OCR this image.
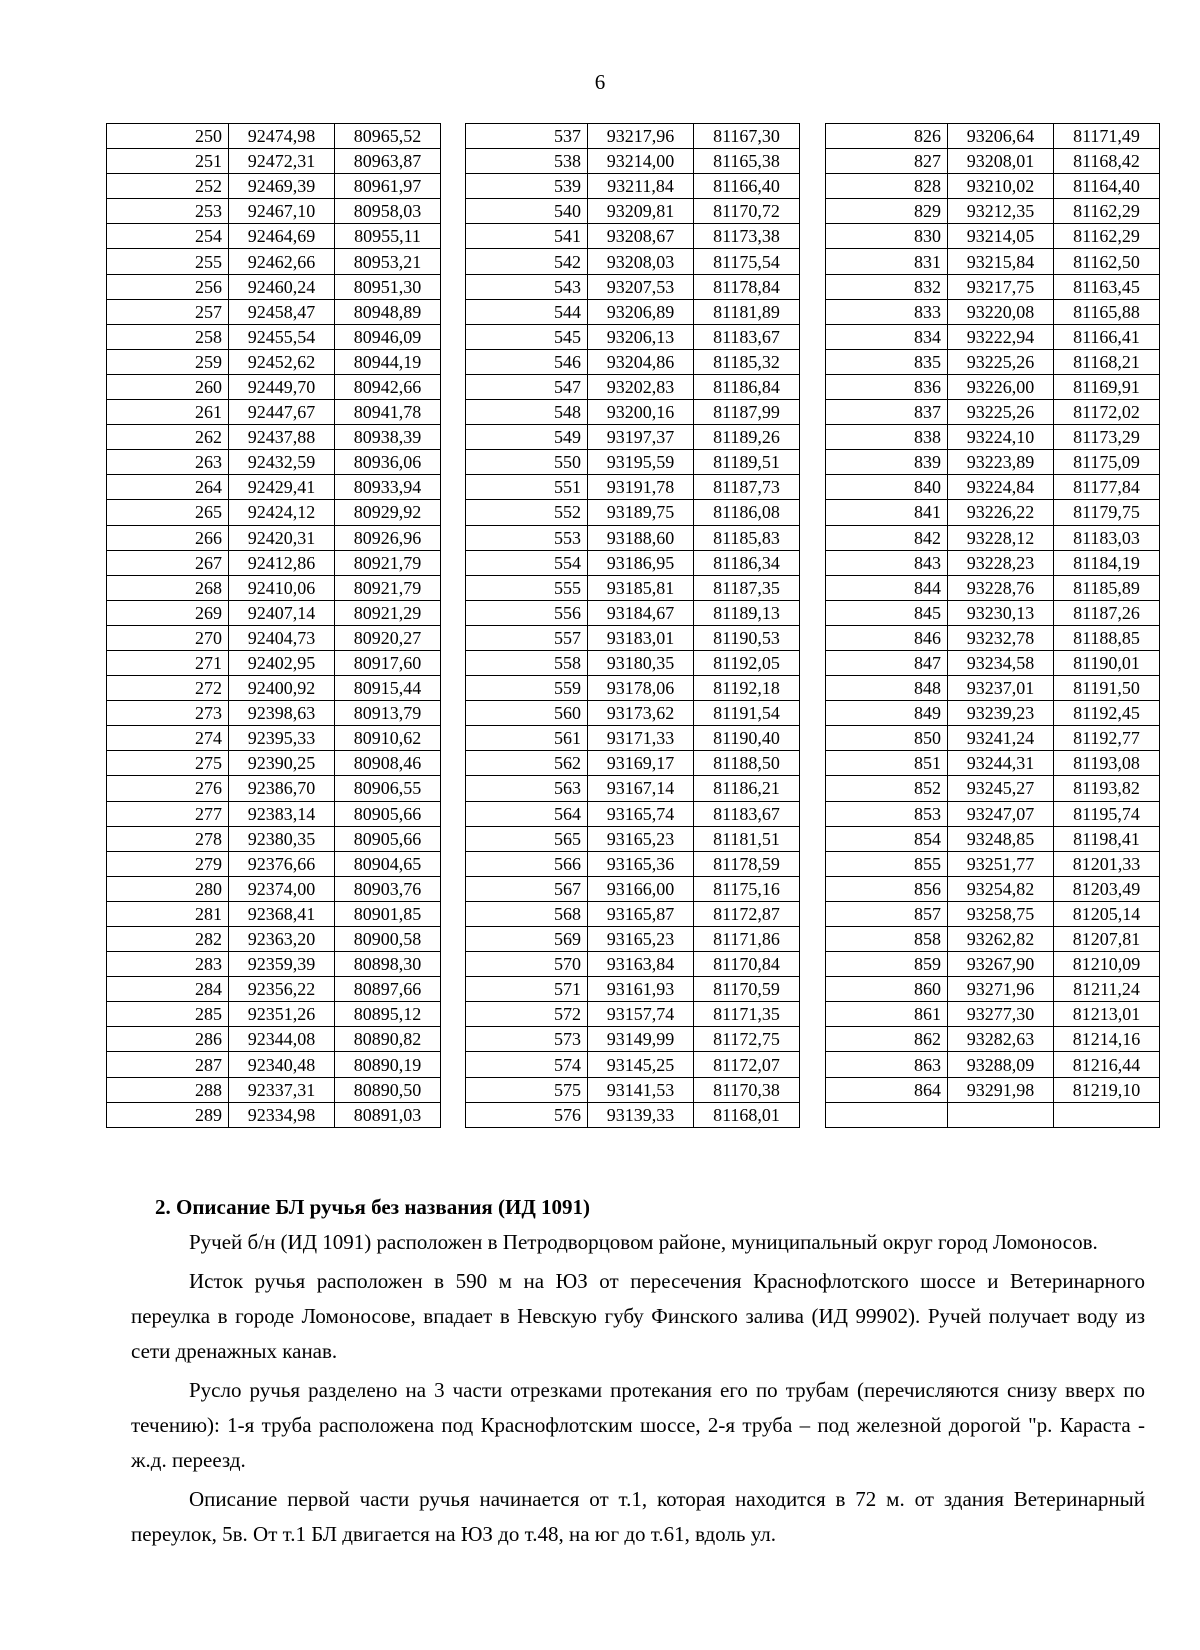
6
250	92474,98	80965,52
251	92472,31	80963,87
252	92469,39	80961,97
253	92467,10	80958,03
254	92464,69	80955,11
255	92462,66	80953,21
256	92460,24	80951,30
257	92458,47	80948,89
258	92455,54	80946,09
259	92452,62	80944,19
260	92449,70	80942,66
261	92447,67	80941,78
262	92437,88	80938,39
263	92432,59	80936,06
264	92429,41	80933,94
265	92424,12	80929,92
266	92420,31	80926,96
267	92412,86	80921,79
268	92410,06	80921,79
269	92407,14	80921,29
270	92404,73	80920,27
271	92402,95	80917,60
272	92400,92	80915,44
273	92398,63	80913,79
274	92395,33	80910,62
275	92390,25	80908,46
276	92386,70	80906,55
277	92383,14	80905,66
278	92380,35	80905,66
279	92376,66	80904,65
280	92374,00	80903,76
281	92368,41	80901,85
282	92363,20	80900,58
283	92359,39	80898,30
284	92356,22	80897,66
285	92351,26	80895,12
286	92344,08	80890,82
287	92340,48	80890,19
288	92337,31	80890,50
289	92334,98	80891,03
537	93217,96	81167,30
538	93214,00	81165,38
539	93211,84	81166,40
540	93209,81	81170,72
541	93208,67	81173,38
542	93208,03	81175,54
543	93207,53	81178,84
544	93206,89	81181,89
545	93206,13	81183,67
546	93204,86	81185,32
547	93202,83	81186,84
548	93200,16	81187,99
549	93197,37	81189,26
550	93195,59	81189,51
551	93191,78	81187,73
552	93189,75	81186,08
553	93188,60	81185,83
554	93186,95	81186,34
555	93185,81	81187,35
556	93184,67	81189,13
557	93183,01	81190,53
558	93180,35	81192,05
559	93178,06	81192,18
560	93173,62	81191,54
561	93171,33	81190,40
562	93169,17	81188,50
563	93167,14	81186,21
564	93165,74	81183,67
565	93165,23	81181,51
566	93165,36	81178,59
567	93166,00	81175,16
568	93165,87	81172,87
569	93165,23	81171,86
570	93163,84	81170,84
571	93161,93	81170,59
572	93157,74	81171,35
573	93149,99	81172,75
574	93145,25	81172,07
575	93141,53	81170,38
576	93139,33	81168,01
826	93206,64	81171,49
827	93208,01	81168,42
828	93210,02	81164,40
829	93212,35	81162,29
830	93214,05	81162,29
831	93215,84	81162,50
832	93217,75	81163,45
833	93220,08	81165,88
834	93222,94	81166,41
835	93225,26	81168,21
836	93226,00	81169,91
837	93225,26	81172,02
838	93224,10	81173,29
839	93223,89	81175,09
840	93224,84	81177,84
841	93226,22	81179,75
842	93228,12	81183,03
843	93228,23	81184,19
844	93228,76	81185,89
845	93230,13	81187,26
846	93232,78	81188,85
847	93234,58	81190,01
848	93237,01	81191,50
849	93239,23	81192,45
850	93241,24	81192,77
851	93244,31	81193,08
852	93245,27	81193,82
853	93247,07	81195,74
854	93248,85	81198,41
855	93251,77	81201,33
856	93254,82	81203,49
857	93258,75	81205,14
858	93262,82	81207,81
859	93267,90	81210,09
860	93271,96	81211,24
861	93277,30	81213,01
862	93282,63	81214,16
863	93288,09	81216,44
864	93291,98	81219,10

2. Описание БЛ ручья без названия (ИД 1091)

Ручей б/н (ИД 1091) расположен в Петродворцовом районе, муниципальный округ город Ломоносов.

Исток ручья расположен в 590 м на ЮЗ от пересечения Краснофлотского шоссе и Ветеринарного переулка в городе Ломоносове, впадает в Невскую губу Финского залива (ИД 99902). Ручей получает воду из сети дренажных канав.

Русло ручья разделено на 3 части отрезками протекания его по трубам (перечисляются снизу вверх по течению): 1-я труба расположена под Краснофлотским шоссе, 2-я труба – под железной дорогой "р. Караста - ж.д. переезд.

Описание первой части ручья начинается от т.1, которая находится в 72 м. от здания Ветеринарный переулок, 5в. От т.1 БЛ двигается на ЮЗ до т.48, на юг до т.61, вдоль ул.
